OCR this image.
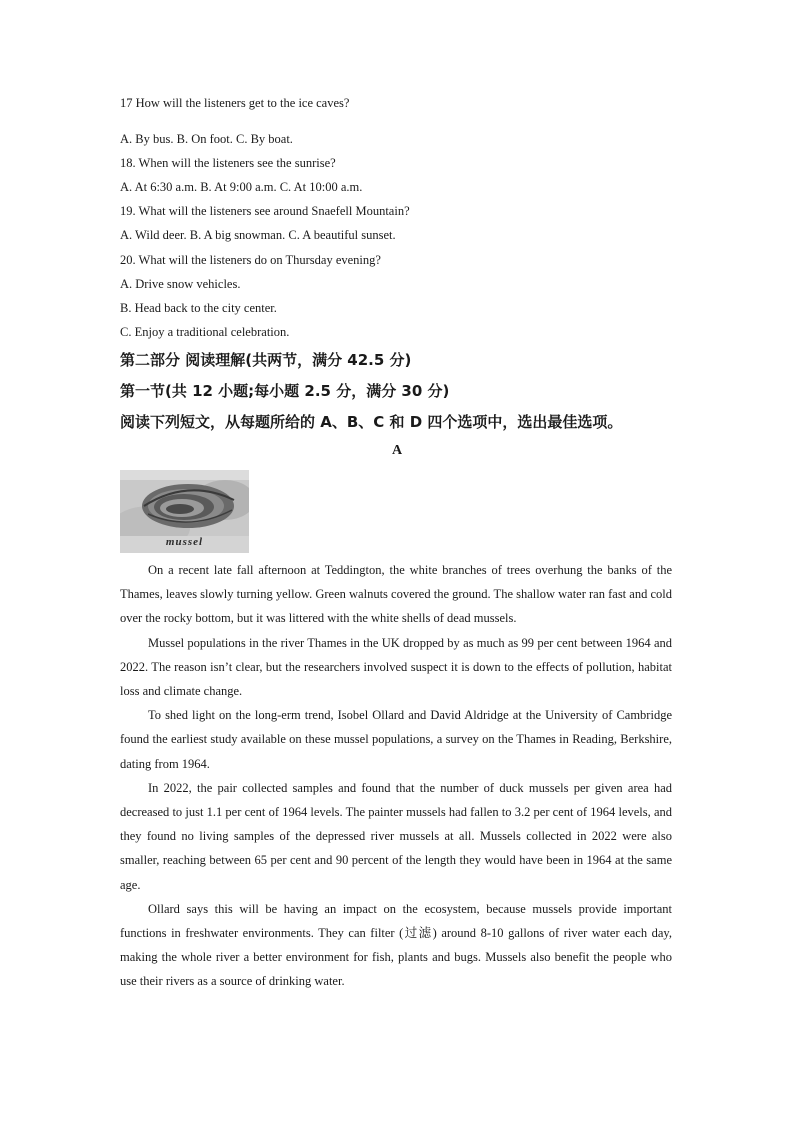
17 How will the listeners get to the ice caves?
A. By bus. B. On foot. C. By boat.
18. When will the listeners see the sunrise?
A. At 6:30 a.m. B. At 9:00 a.m. C. At 10:00 a.m.
19. What will the listeners see around Snaefell Mountain?
A. Wild deer. B. A big snowman. C. A beautiful sunset.
20. What will the listeners do on Thursday evening?
A. Drive snow vehicles.
B. Head back to the city center.
C. Enjoy a traditional celebration.
第二部分 阅读理解(共两节，满分 42.5 分)
第一节(共 12 小题;每小题 2.5 分，满分 30 分)
阅读下列短文，从每题所给的 A、B、C 和 D 四个选项中，选出最佳选项。
A
mussel

On a recent late fall afternoon at Teddington, the white branches of trees overhung the banks of the Thames, leaves slowly turning yellow. Green walnuts covered the ground. The shallow water ran fast and cold over the rocky bottom, but it was littered with the white shells of dead mussels.

Mussel populations in the river Thames in the UK dropped by as much as 99 per cent between 1964 and 2022. The reason isn’t clear, but the researchers involved suspect it is down to the effects of pollution, habitat loss and climate change.

To shed light on the long-erm trend, Isobel Ollard and David Aldridge at the University of Cambridge found the earliest study available on these mussel populations, a survey on the Thames in Reading, Berkshire, dating from 1964.

In 2022, the pair collected samples and found that the number of duck mussels per given area had decreased to just 1.1 per cent of 1964 levels. The painter mussels had fallen to 3.2 per cent of 1964 levels, and they found no living samples of the depressed river mussels at all. Mussels collected in 2022 were also smaller, reaching between 65 per cent and 90 percent of the length they would have been in 1964 at the same age.

Ollard says this will be having an impact on the ecosystem, because mussels provide important functions in freshwater environments. They can filter (过滤) around 8-10 gallons of river water each day, making the whole river a better environment for fish, plants and bugs. Mussels also benefit the people who use their rivers as a source of drinking water.
